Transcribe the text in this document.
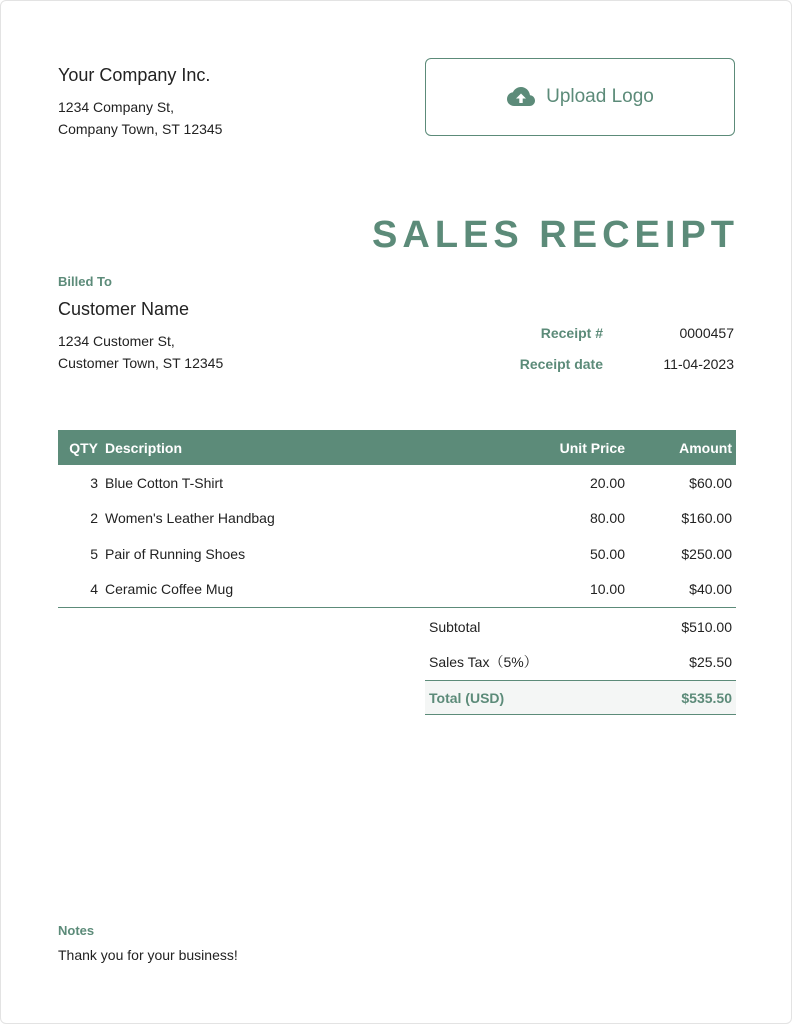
Your Company Inc.
1234 Company St,
Company Town, ST 12345
Upload Logo
SALES RECEIPT
Billed To
Customer Name
1234 Customer St,
Customer Town, ST 12345
Receipt #	0000457
Receipt date	11-04-2023
QTY	Description	Unit Price	Amount
3	Blue Cotton T-Shirt	20.00	$60.00
2	Women's Leather Handbag	80.00	$160.00
5	Pair of Running Shoes	50.00	$250.00
4	Ceramic Coffee Mug	10.00	$40.00
Subtotal	$510.00
Sales Tax（5%）	$25.50
Total (USD)	$535.50
Notes
Thank you for your business!
